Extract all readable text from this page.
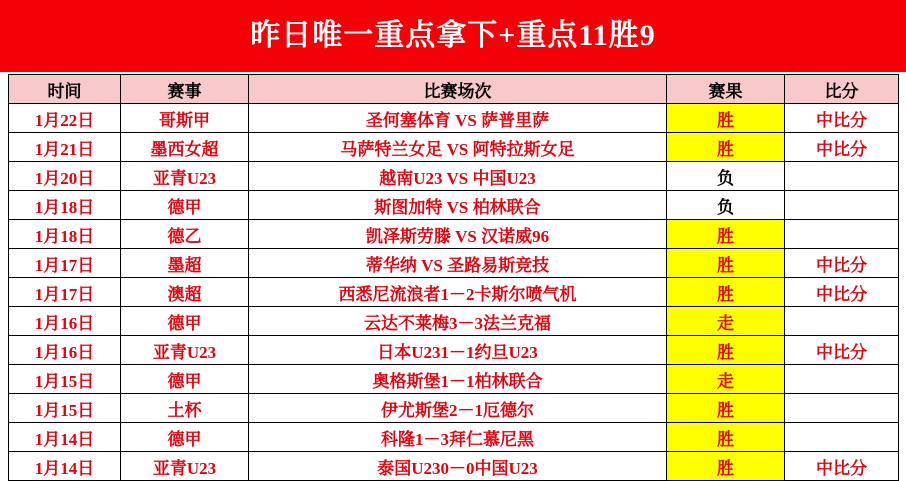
昨日唯一重点拿下+重点11胜9
时间	赛事	比赛场次	赛果	比分
1月22日	哥斯甲	圣何塞体育 VS 萨普里萨	胜	中比分
1月21日	墨西女超	马萨特兰女足 VS 阿特拉斯女足	胜	中比分
1月20日	亚青U23	越南U23 VS 中国U23	负	
1月18日	德甲	斯图加特 VS 柏林联合	负	
1月18日	德乙	凯泽斯劳滕 VS 汉诺威96	胜	
1月17日	墨超	蒂华纳 VS 圣路易斯竞技	胜	中比分
1月17日	澳超	西悉尼流浪者1－2卡斯尔喷气机	胜	中比分
1月16日	德甲	云达不莱梅3－3法兰克福	走	
1月16日	亚青U23	日本U231－1约旦U23	胜	中比分
1月15日	德甲	奥格斯堡1－1柏林联合	走	
1月15日	土杯	伊尤斯堡2－1厄德尔	胜	
1月14日	德甲	科隆1－3拜仁慕尼黑	胜	
1月14日	亚青U23	泰国U230－0中国U23	胜	中比分
